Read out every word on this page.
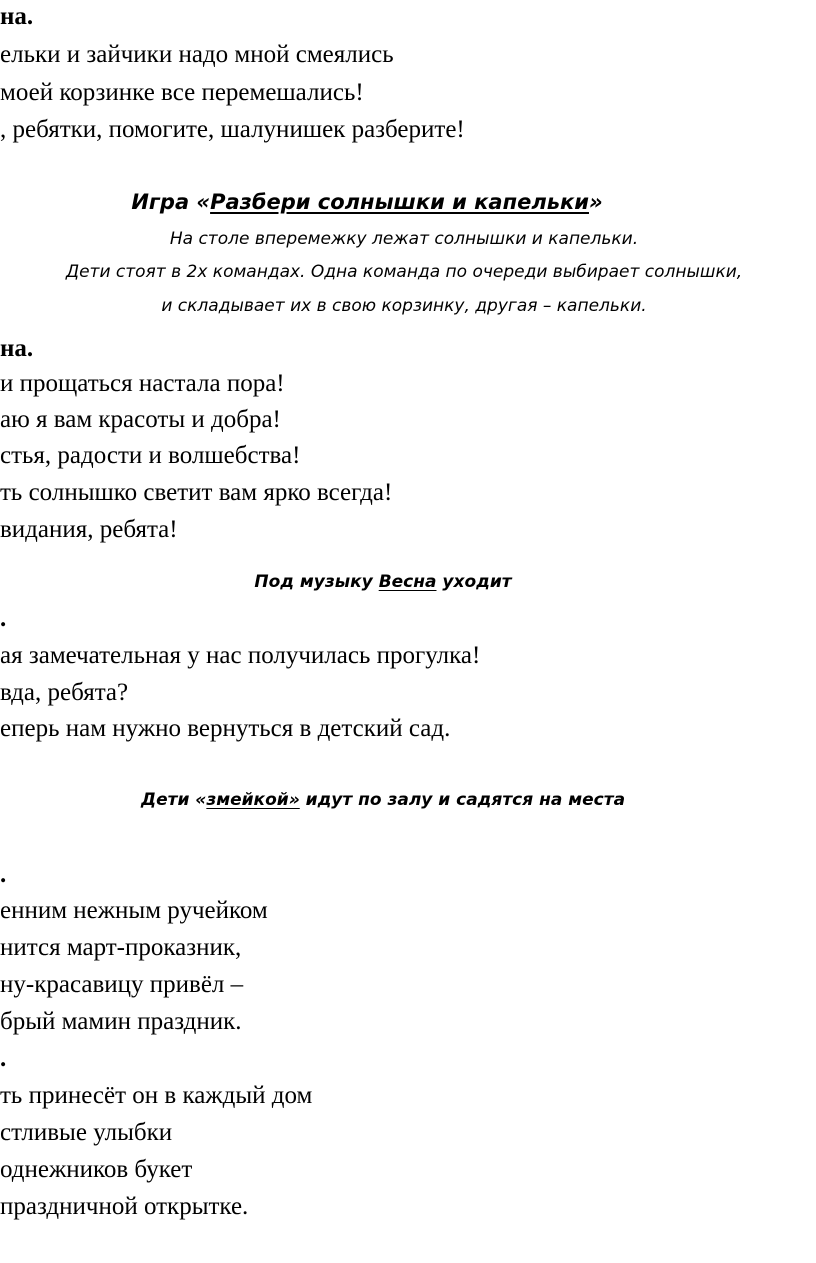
на.
ельки и зайчики надо мной смеялись
моей корзинке все перемешались!
, ребятки, помогите, шалунишек разберите!
Игра «Разбери солнышки и капельки»
На столе вперемежку лежат солнышки и капельки.
Дети стоят в 2х командах. Одна команда по очереди выбирает солнышки,
и складывает их в свою корзинку, другая – капельки.
на.
и прощаться настала пора!
аю я вам красоты и добра!
стья, радости и волшебства!
ть солнышко светит вам ярко всегда!
видания, ребята!
Под музыку Весна уходит
.
ая замечательная у нас получилась прогулка!
вда, ребята?
еперь нам нужно вернуться в детский сад.
Дети «змейкой» идут по залу и садятся на места
.
енним нежным ручейком
нится март-проказник,
ну-красавицу привёл –
брый мамин праздник.
.
ть принесёт он в каждый дом
стливые улыбки
однежников букет
праздничной открытке.
